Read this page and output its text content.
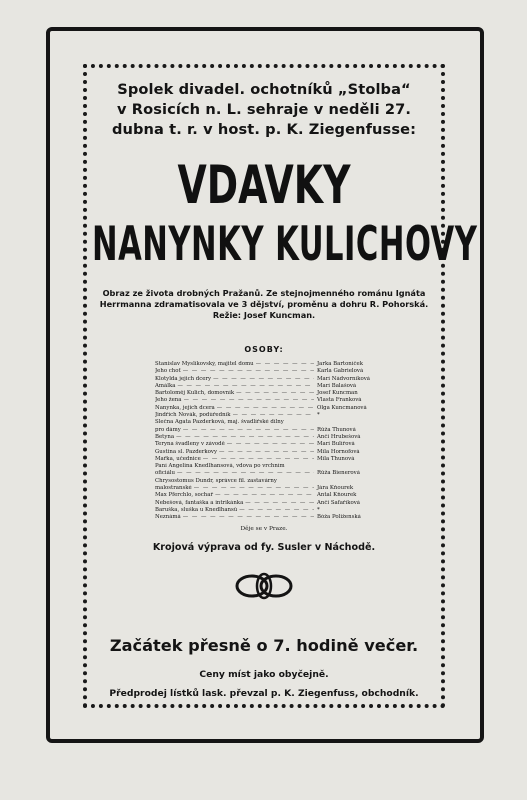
Spolek divadel. ochotníků „Stolba“
v Rosicích n. L. sehraje v neděli 27.
dubna t. r. v host. p. K. Ziegenfusse:
VDAVKY
NANYNKY KULICHOVY
Obraz ze života drobných Pražanů. Ze stejnojmenného románu Ignáta
Herrmanna zdramatisovala ve 3 dějství, proměnu a dohru R. Pohorská.
Režie: Josef Kuncman.
OSOBY:
Stanislav Myslíkovský, majitel domu — — —	Jarka Bartoníček
Jeho choť — — —	Karla Gabrielová
Klotylda jejich dcery — — —	Marí Nádvorníková
Amálka — — —	Marí Balašová
Bartoloměj Kulich, domovník — — —	Josef Kuncman
Jeho žena — — —	Vlasta Franková
Nanynka, jejich dcera — — —	Olga Kuncmanová
Jindřich Novák, podúředník — — —	*
Slečna Agata Pazderková, maj. švadlířské dílny
pro dámy — — —	Růža Thunová
Betyna — — —	Anči Hrubešová
Teryna švadleny v závodě — — —	Marí Bulířová
Gustina sl. Pazderkovy — — —	Míla Hornofová
Mařka, učednice — — —	Míla Thunová
Paní Angelina Knedlhansová, vdova po vrchním
oficiálu — — —	Růža Bienerová
Chrysostomus Dundr, správce fil. zastavárny
malostranské — — —	Jára Kňourek
Max Pferchlo, sochař — — —	Antal Kňourek
Nebešová, fantaška a intrikánka — — —	Anči Šafaříková
Baruška, sluška u Knedlhansů — — —	*
Neznámá — — —	Bóža Poliženská
Děje se v Praze.
Krojová výprava od fy. Susler v Náchodě.
Začátek přesně o 7. hodině večer.
Ceny míst jako obyčejně.
Předprodej lístků lask. převzal p. K. Ziegenfuss, obchodník.
